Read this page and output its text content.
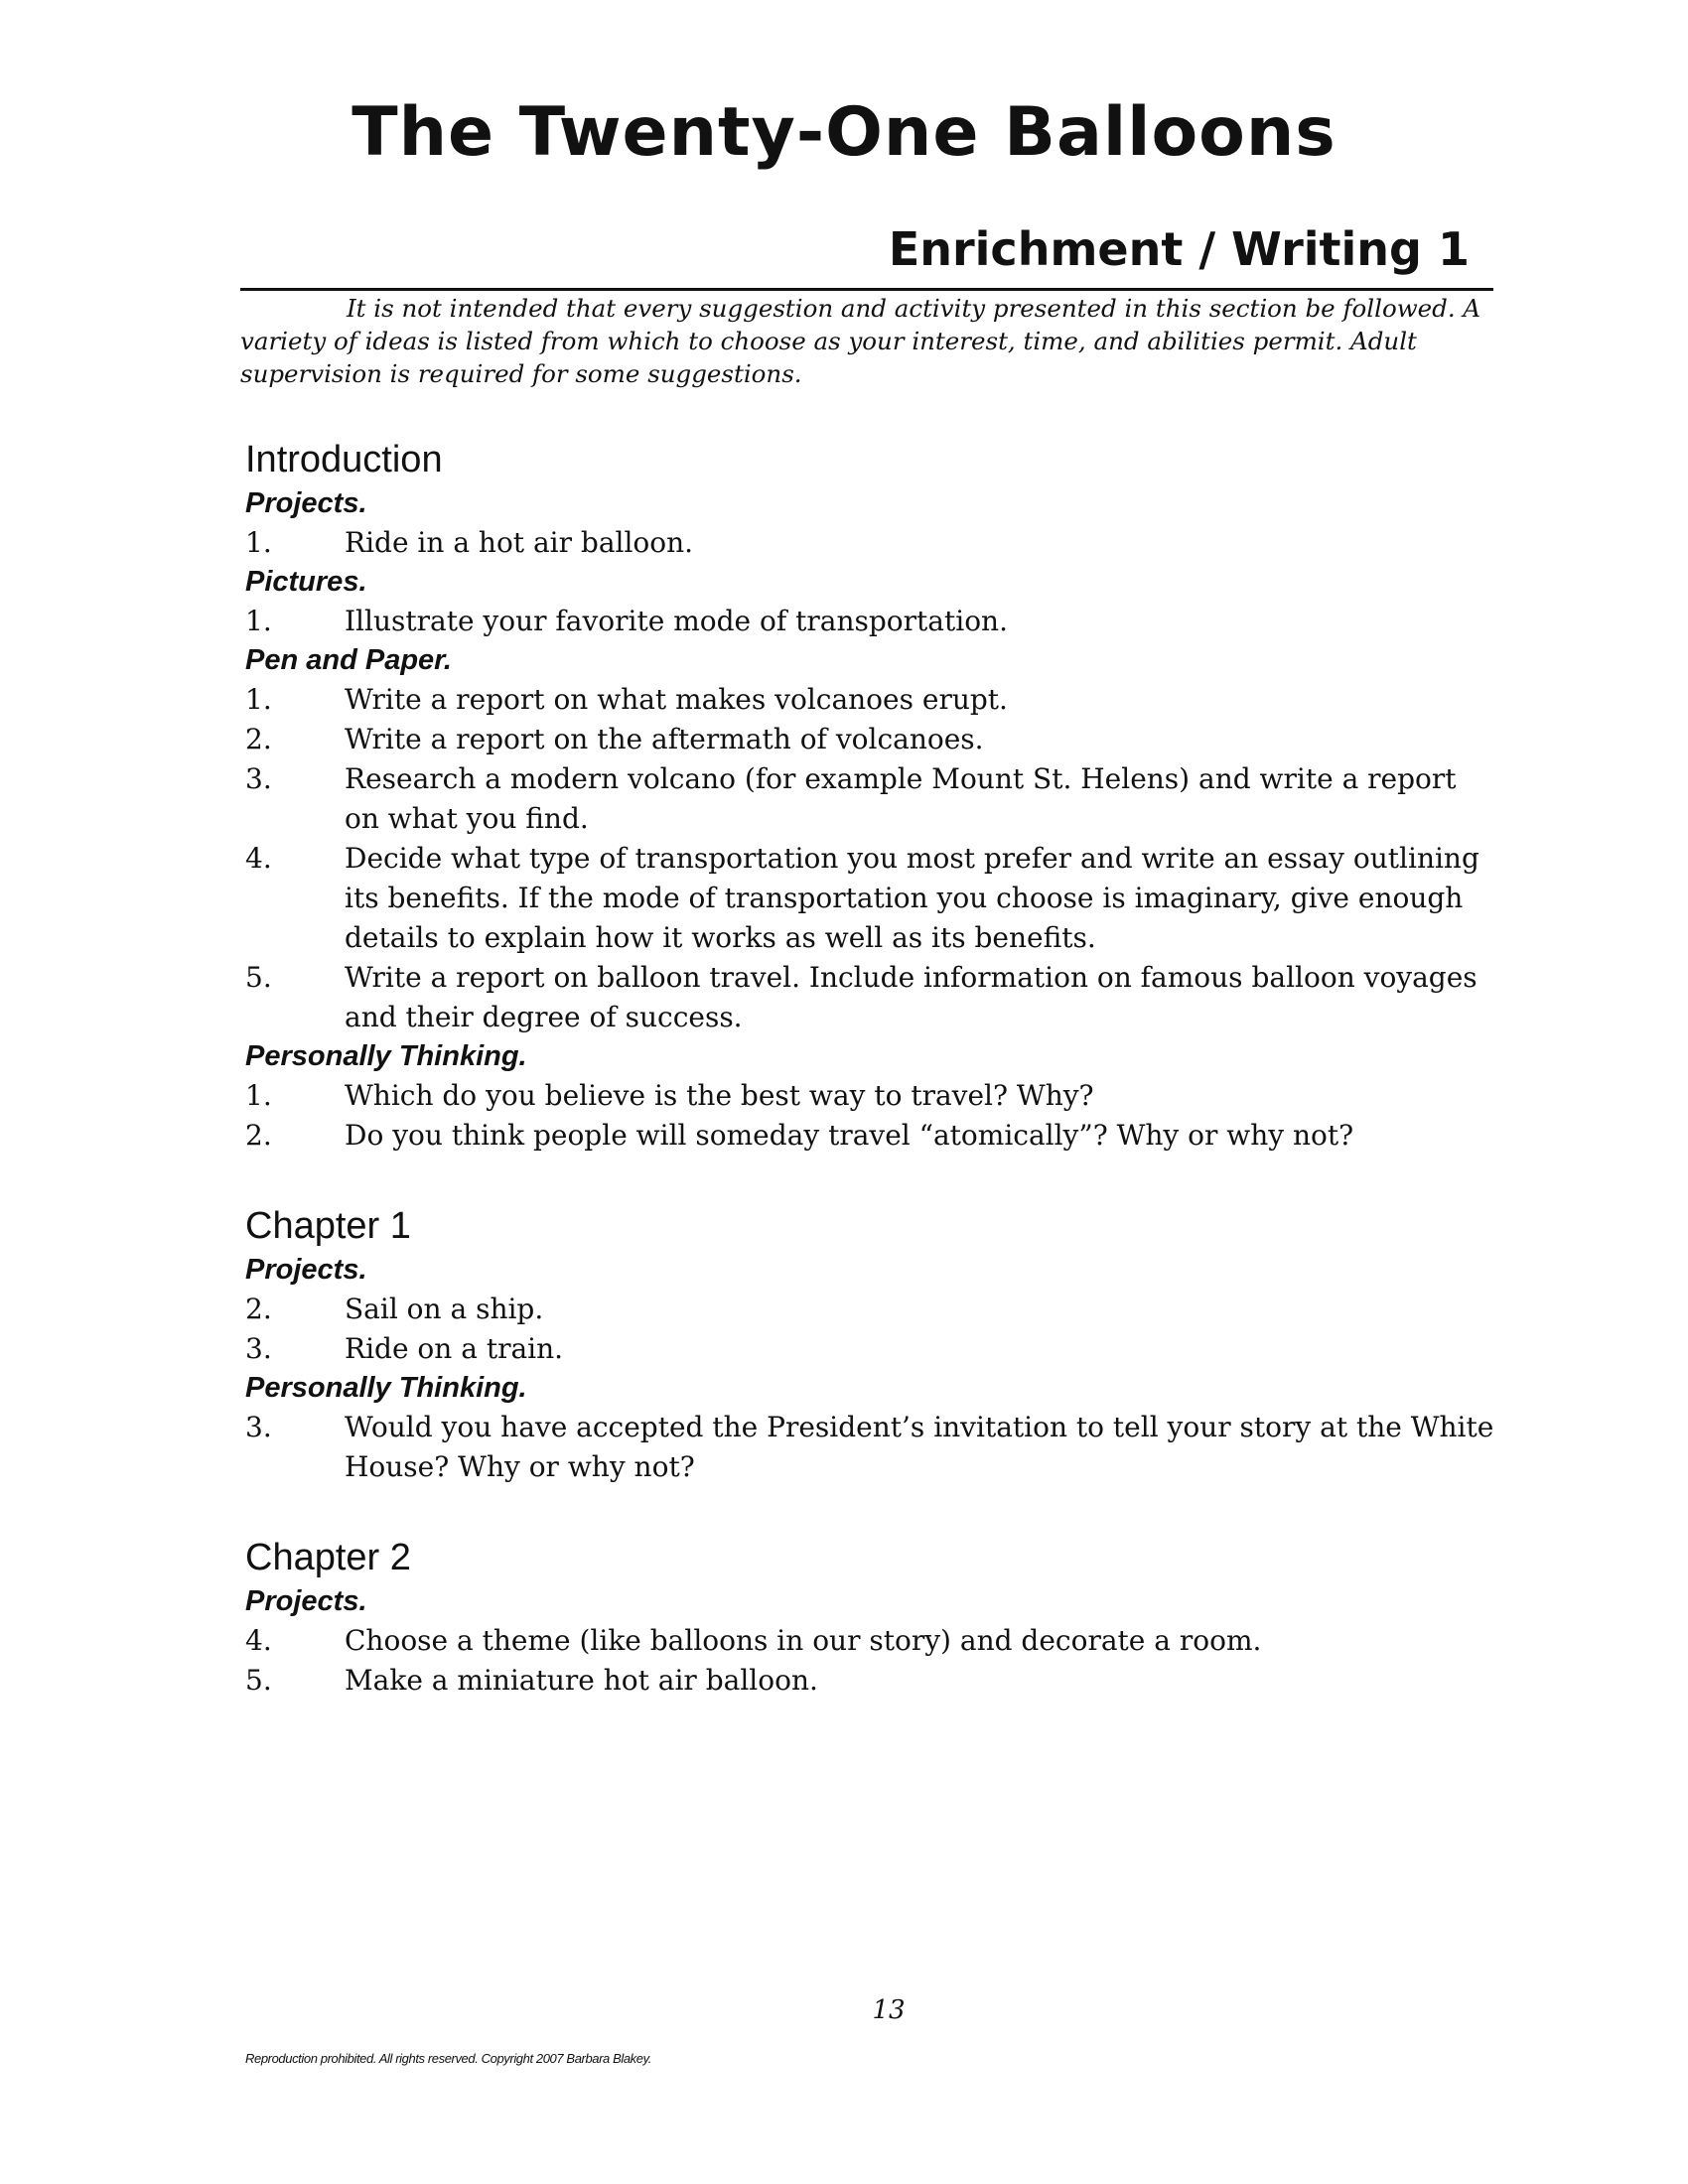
The Twenty-One Balloons
Enrichment / Writing 1

It is not intended that every suggestion and activity presented in this section be followed. A variety of ideas is listed from which to choose as your interest, time, and abilities permit. Adult supervision is required for some suggestions.

Introduction
Projects.
1.	Ride in a hot air balloon.
Pictures.
1.	Illustrate your favorite mode of transportation.
Pen and Paper.
1.	Write a report on what makes volcanoes erupt.
2.	Write a report on the aftermath of volcanoes.
3.	Research a modern volcano (for example Mount St. Helens) and write a report on what you find.
4.	Decide what type of transportation you most prefer and write an essay outlining its benefits. If the mode of transportation you choose is imaginary, give enough details to explain how it works as well as its benefits.
5.	Write a report on balloon travel. Include information on famous balloon voyages and their degree of success.
Personally Thinking.
1.	Which do you believe is the best way to travel? Why?
2.	Do you think people will someday travel “atomically”? Why or why not?
Chapter 1
Projects.
2.	Sail on a ship.
3.	Ride on a train.
Personally Thinking.
3.	Would you have accepted the President’s invitation to tell your story at the White House? Why or why not?
Chapter 2
Projects.
4.	Choose a theme (like balloons in our story) and decorate a room.
5.	Make a miniature hot air balloon.
13
Reproduction prohibited. All rights reserved. Copyright 2007 Barbara Blakey.
